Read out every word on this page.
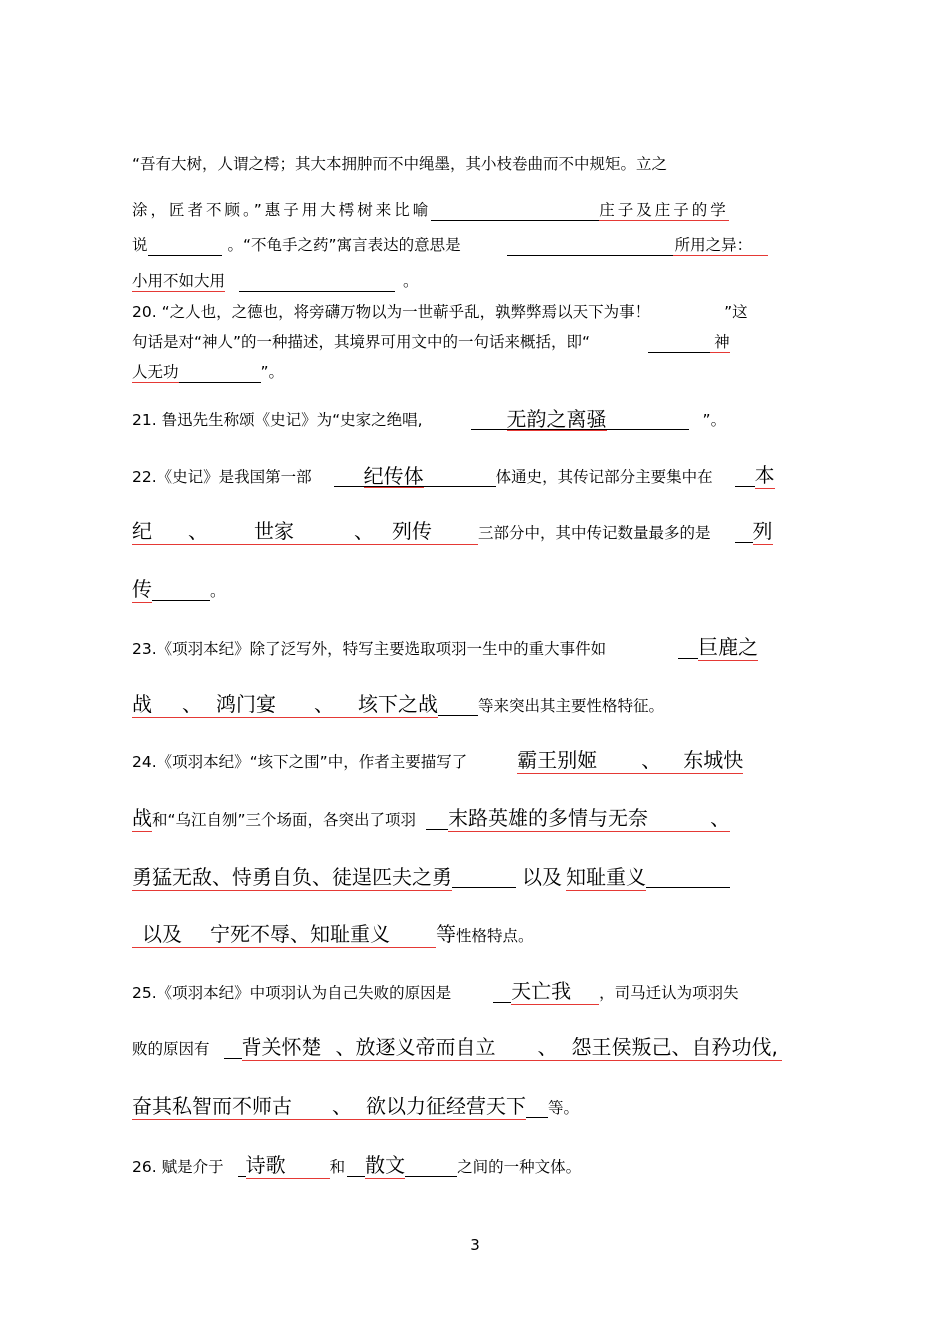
“吾有大树，人谓之樗；其大本拥肿而不中绳墨，其小枝卷曲而不中规矩。立之
涂，匠者不顾。”惠子用大樗树来比喻	庄子及庄子的学
说	。“不龟手之药”寓言表达的意思是	所用之异：
小用不如大用	。
20. “之人也，之德也，将旁礴万物以为一世蕲乎乱，孰弊弊焉以天下为事！	”这
句话是对“神人”的一种描述，其境界可用文中的一句话来概括，即“	神
人无功	”。
21. 鲁迅先生称颂《史记》为“史家之绝唱,	无韵之离骚	”。
22.《史记》是我国第一部	纪传体	体通史，其传记部分主要集中在 本
纪 、 世家	、 列传	三部分中，其中传记数量最多的是 列
传	。
23.《项羽本纪》除了泛写外，特写主要选取项羽一生中的重大事件如	巨鹿之
战 、 鸿门宴 、 垓下之战	等来突出其主要性格特征。
24.《项羽本纪》“垓下之围”中，作者主要描写了	霸王别姬 、 东城快
战和“乌江自刎”三个场面，各突出了项羽 末路英雄的多情与无奈	、
勇猛无敌、恃勇自负、徒逞匹夫之勇	以及 知耻重义
以及 宁死不辱、知耻重义 等性格特点。
25.《项羽本纪》中项羽认为自己失败的原因是	天亡我 ，司马迁认为项羽失
败的原因有 背关怀楚 、放逐义帝而自立 、 怨王侯叛己、自矜功伐,
奋其私智而不师古 、 欲以力征经营天下 等。
26. 赋是介于 诗歌	和 散文	之间的一种文体。
3
